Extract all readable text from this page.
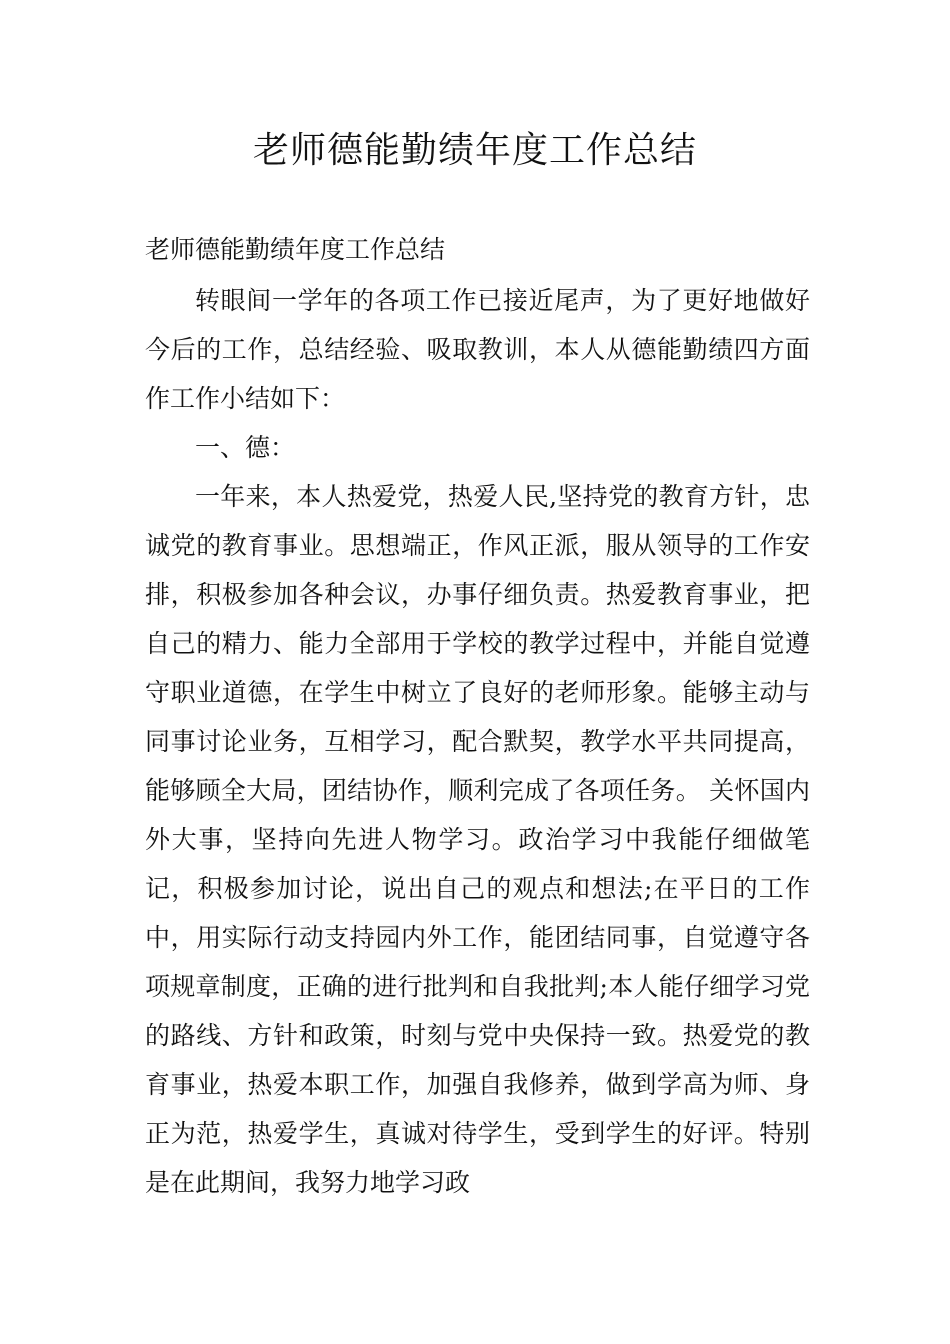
老师德能勤绩年度工作总结
老师德能勤绩年度工作总结

转眼间一学年的各项工作已接近尾声，为了更好地做好今后的工作，总结经验、吸取教训，本人从德能勤绩四方面作工作小结如下：

一、德：

一年来，本人热爱党，热爱人民,坚持党的教育方针，忠诚党的教育事业。思想端正，作风正派，服从领导的工作安排，积极参加各种会议，办事仔细负责。热爱教育事业，把自己的精力、能力全部用于学校的教学过程中，并能自觉遵守职业道德，在学生中树立了良好的老师形象。能够主动与同事讨论业务，互相学习，配合默契，教学水平共同提高，能够顾全大局，团结协作，顺利完成了各项任务。 关怀国内外大事，坚持向先进人物学习。政治学习中我能仔细做笔记，积极参加讨论，说出自己的观点和想法;在平日的工作中，用实际行动支持园内外工作，能团结同事，自觉遵守各项规章制度，正确的进行批判和自我批判;本人能仔细学习党的路线、方针和政策，时刻与党中央保持一致。热爱党的教育事业，热爱本职工作，加强自我修养，做到学高为师、身正为范，热爱学生，真诚对待学生，受到学生的好评。特别是在此期间，我努力地学习政
